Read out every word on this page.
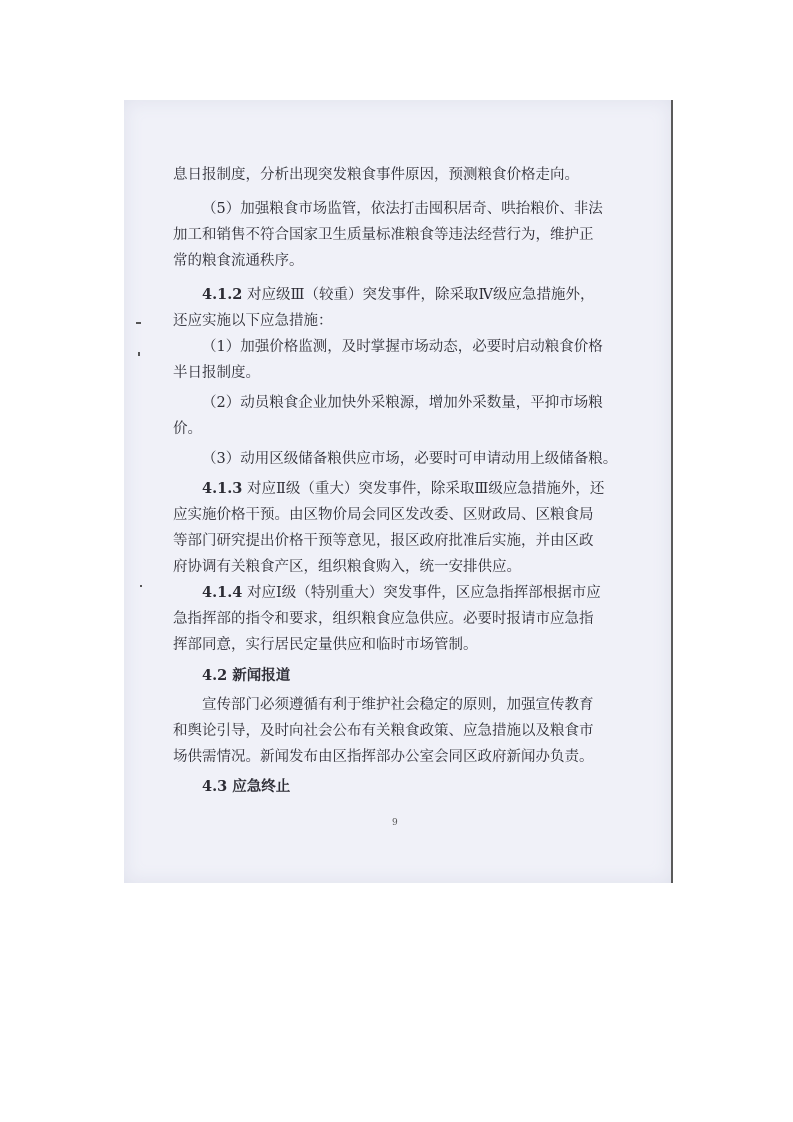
息日报制度，分析出现突发粮食事件原因，预测粮食价格走向。
（5）加强粮食市场监管，依法打击囤积居奇、哄抬粮价、非法
加工和销售不符合国家卫生质量标准粮食等违法经营行为，维护正
常的粮食流通秩序。
4.1.2 对应级Ⅲ（较重）突发事件，除采取Ⅳ级应急措施外，
还应实施以下应急措施：
（1）加强价格监测，及时掌握市场动态，必要时启动粮食价格
半日报制度。
（2）动员粮食企业加快外采粮源，增加外采数量，平抑市场粮
价。
（3）动用区级储备粮供应市场，必要时可申请动用上级储备粮。
4.1.3 对应Ⅱ级（重大）突发事件，除采取Ⅲ级应急措施外，还
应实施价格干预。由区物价局会同区发改委、区财政局、区粮食局
等部门研究提出价格干预等意见，报区政府批准后实施，并由区政
府协调有关粮食产区，组织粮食购入，统一安排供应。
4.1.4 对应Ⅰ级（特别重大）突发事件，区应急指挥部根据市应
急指挥部的指令和要求，组织粮食应急供应。必要时报请市应急指
挥部同意，实行居民定量供应和临时市场管制。
4.2 新闻报道
宣传部门必须遵循有利于维护社会稳定的原则，加强宣传教育
和舆论引导，及时向社会公布有关粮食政策、应急措施以及粮食市
场供需情况。新闻发布由区指挥部办公室会同区政府新闻办负责。
4.3 应急终止
9
